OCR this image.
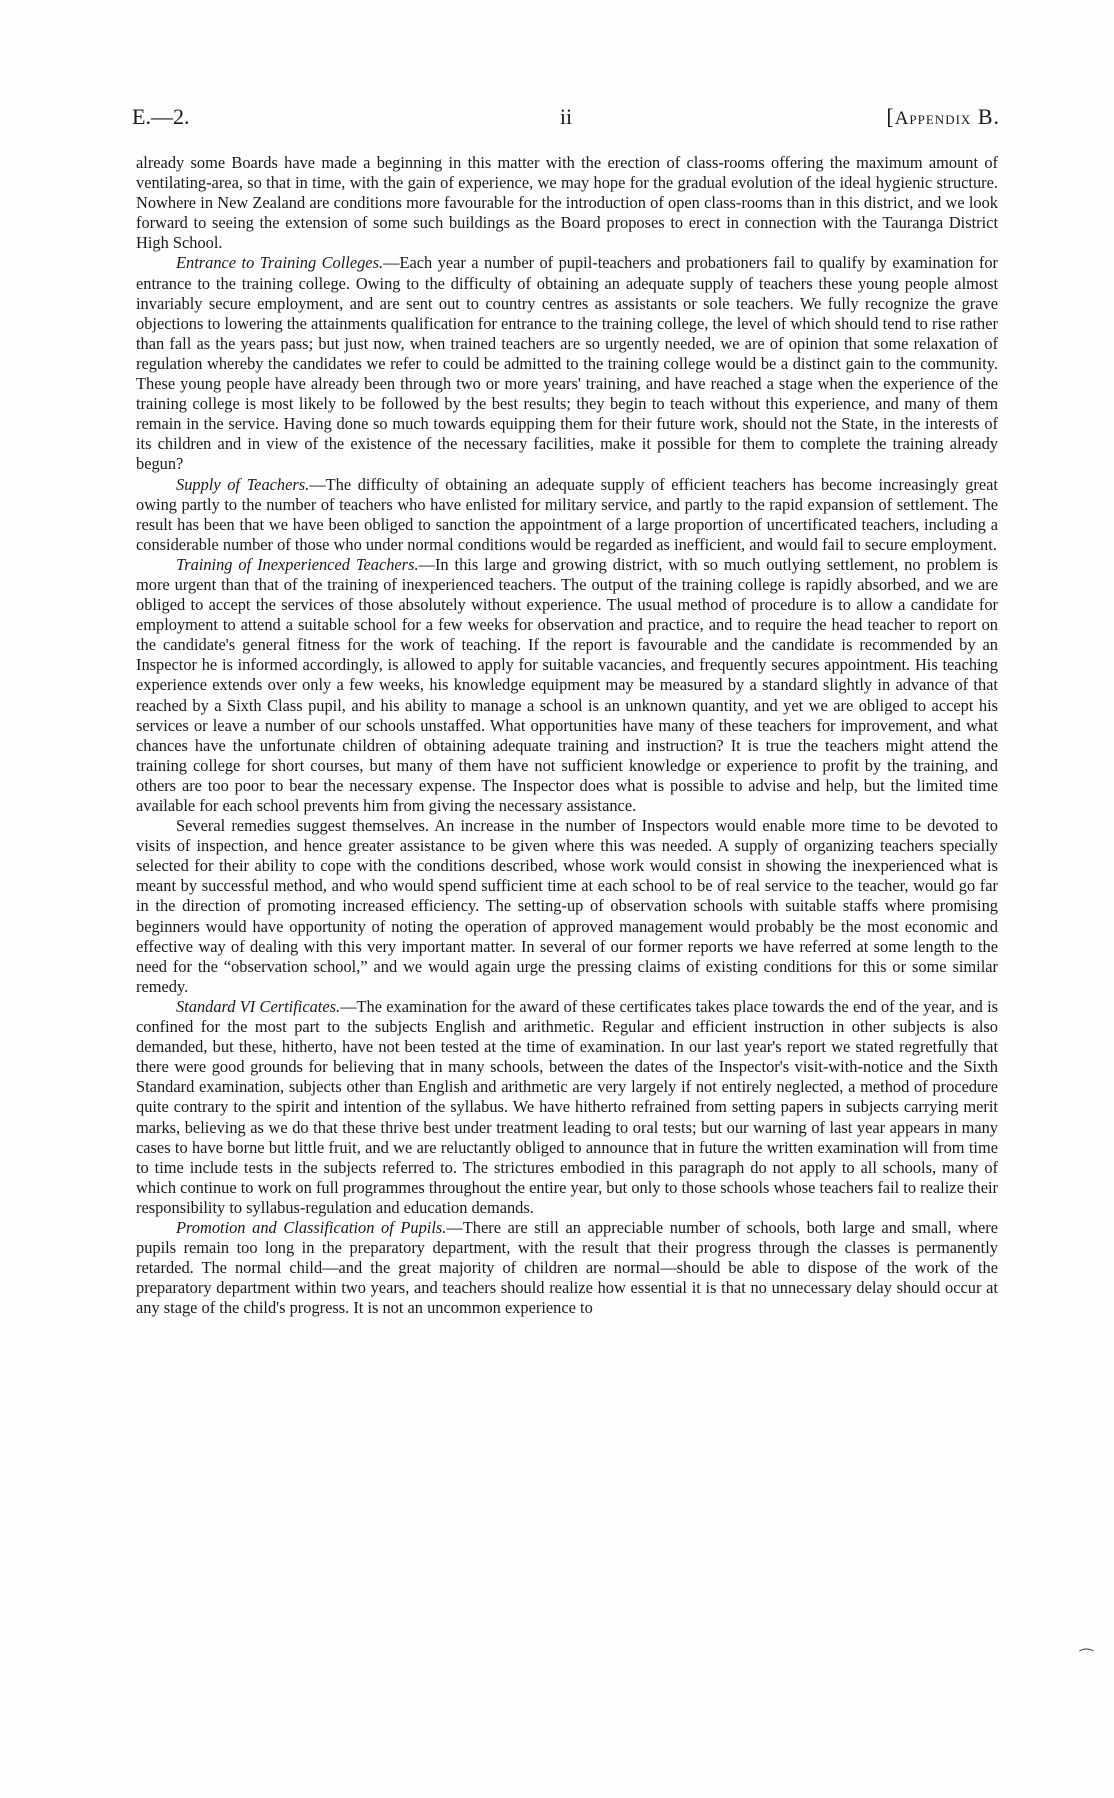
E.—2.	ii	[Appendix B.

already some Boards have made a beginning in this matter with the erection of class-rooms offering the maximum amount of ventilating-area, so that in time, with the gain of experience, we may hope for the gradual evolution of the ideal hygienic structure. Nowhere in New Zealand are conditions more favourable for the introduction of open class-rooms than in this district, and we look forward to seeing the extension of some such buildings as the Board proposes to erect in connection with the Tauranga District High School.

Entrance to Training Colleges.—Each year a number of pupil-teachers and probationers fail to qualify by examination for entrance to the training college. Owing to the difficulty of obtaining an adequate supply of teachers these young people almost invariably secure employment, and are sent out to country centres as assistants or sole teachers. We fully recognize the grave objections to lowering the attainments qualification for entrance to the training college, the level of which should tend to rise rather than fall as the years pass; but just now, when trained teachers are so urgently needed, we are of opinion that some relaxation of regulation whereby the candidates we refer to could be admitted to the training college would be a distinct gain to the community. These young people have already been through two or more years' training, and have reached a stage when the experience of the training college is most likely to be followed by the best results; they begin to teach without this experience, and many of them remain in the service. Having done so much towards equipping them for their future work, should not the State, in the interests of its children and in view of the existence of the necessary facilities, make it possible for them to complete the training already begun?

Supply of Teachers.—The difficulty of obtaining an adequate supply of efficient teachers has become increasingly great owing partly to the number of teachers who have enlisted for military service, and partly to the rapid expansion of settlement. The result has been that we have been obliged to sanction the appointment of a large proportion of uncertificated teachers, including a considerable number of those who under normal conditions would be regarded as inefficient, and would fail to secure employment.

Training of Inexperienced Teachers.—In this large and growing district, with so much outlying settlement, no problem is more urgent than that of the training of inexperienced teachers. The output of the training college is rapidly absorbed, and we are obliged to accept the services of those absolutely without experience. The usual method of procedure is to allow a candidate for employment to attend a suitable school for a few weeks for observation and practice, and to require the head teacher to report on the candidate's general fitness for the work of teaching. If the report is favourable and the candidate is recommended by an Inspector he is informed accordingly, is allowed to apply for suitable vacancies, and frequently secures appointment. His teaching experience extends over only a few weeks, his knowledge equipment may be measured by a standard slightly in advance of that reached by a Sixth Class pupil, and his ability to manage a school is an unknown quantity, and yet we are obliged to accept his services or leave a number of our schools unstaffed. What opportunities have many of these teachers for improvement, and what chances have the unfortunate children of obtaining adequate training and instruction? It is true the teachers might attend the training college for short courses, but many of them have not sufficient knowledge or experience to profit by the training, and others are too poor to bear the necessary expense. The Inspector does what is possible to advise and help, but the limited time available for each school prevents him from giving the necessary assistance.

Several remedies suggest themselves. An increase in the number of Inspectors would enable more time to be devoted to visits of inspection, and hence greater assistance to be given where this was needed. A supply of organizing teachers specially selected for their ability to cope with the conditions described, whose work would consist in showing the inexperienced what is meant by successful method, and who would spend sufficient time at each school to be of real service to the teacher, would go far in the direction of promoting increased efficiency. The setting-up of observation schools with suitable staffs where promising beginners would have opportunity of noting the operation of approved management would probably be the most economic and effective way of dealing with this very important matter. In several of our former reports we have referred at some length to the need for the “observation school,” and we would again urge the pressing claims of existing conditions for this or some similar remedy.

Standard VI Certificates.—The examination for the award of these certificates takes place towards the end of the year, and is confined for the most part to the subjects English and arithmetic. Regular and efficient instruction in other subjects is also demanded, but these, hitherto, have not been tested at the time of examination. In our last year's report we stated regretfully that there were good grounds for believing that in many schools, between the dates of the Inspector's visit-with-notice and the Sixth Standard examination, subjects other than English and arithmetic are very largely if not entirely neglected, a method of procedure quite contrary to the spirit and intention of the syllabus. We have hitherto refrained from setting papers in subjects carrying merit marks, believing as we do that these thrive best under treatment leading to oral tests; but our warning of last year appears in many cases to have borne but little fruit, and we are reluctantly obliged to announce that in future the written examination will from time to time include tests in the subjects referred to. The strictures embodied in this paragraph do not apply to all schools, many of which continue to work on full programmes throughout the entire year, but only to those schools whose teachers fail to realize their responsibility to syllabus-regulation and education demands.

Promotion and Classification of Pupils.—There are still an appreciable number of schools, both large and small, where pupils remain too long in the preparatory department, with the result that their progress through the classes is permanently retarded. The normal child—and the great majority of children are normal—should be able to dispose of the work of the preparatory department within two years, and teachers should realize how essential it is that no unnecessary delay should occur at any stage of the child's progress. It is not an uncommon experience to

⁀
